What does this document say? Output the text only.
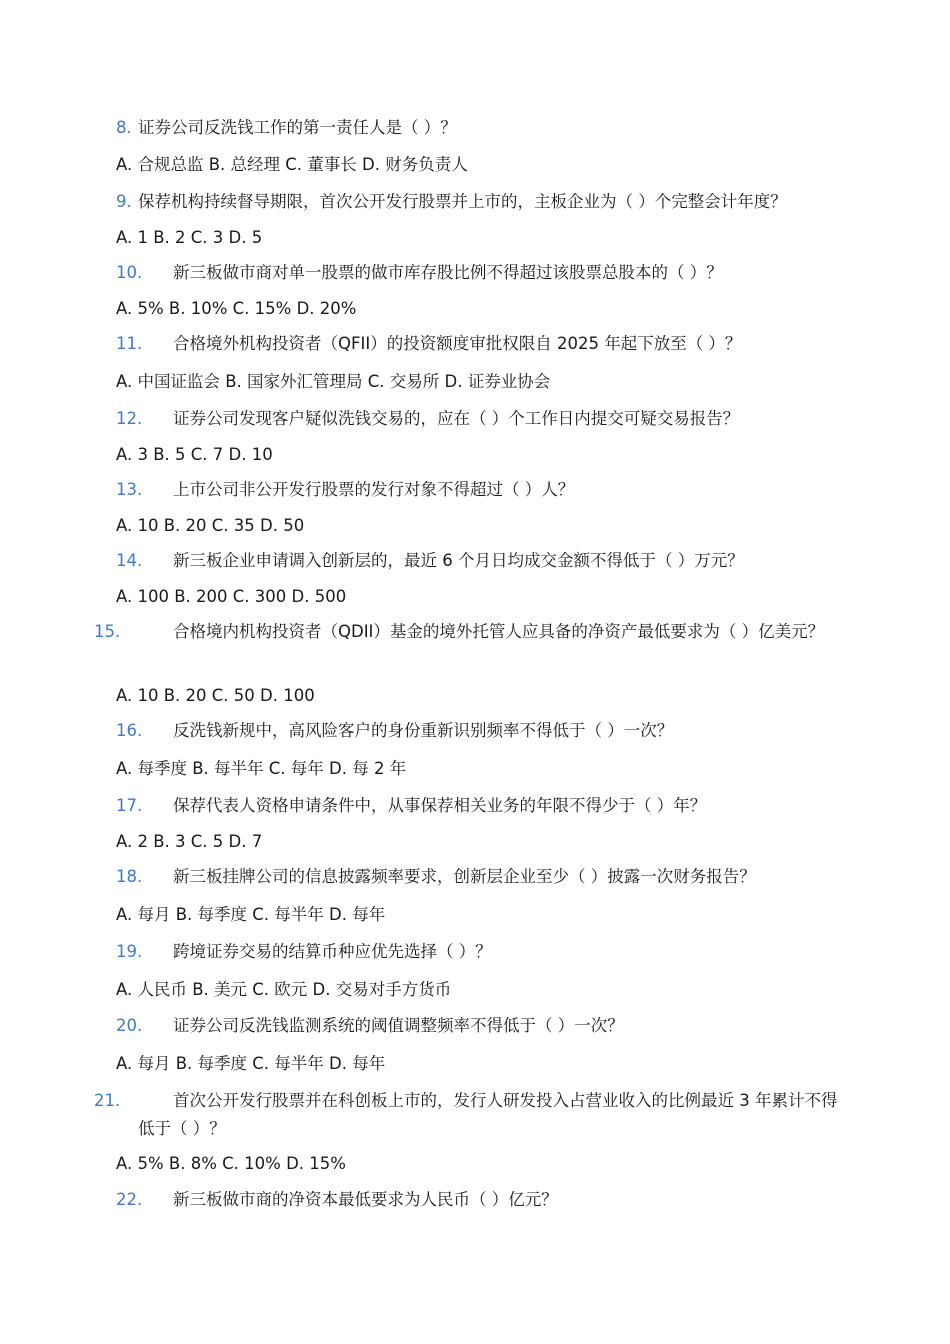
8. 证券公司反洗钱工作的第一责任人是（ ）？

A. 合规总监 B. 总经理 C. 董事长 D. 财务负责人

9. 保荐机构持续督导期限，首次公开发行股票并上市的，主板企业为（ ）个完整会计年度？

A. 1 B. 2 C. 3 D. 5

10. 新三板做市商对单一股票的做市库存股比例不得超过该股票总股本的（ ）？

A. 5% B. 10% C. 15% D. 20%

11. 合格境外机构投资者（QFII）的投资额度审批权限自 2025 年起下放至（ ）？

A. 中国证监会 B. 国家外汇管理局 C. 交易所 D. 证券业协会

12. 证券公司发现客户疑似洗钱交易的，应在（ ）个工作日内提交可疑交易报告？

A. 3 B. 5 C. 7 D. 10

13. 上市公司非公开发行股票的发行对象不得超过（ ）人？

A. 10 B. 20 C. 35 D. 50

14. 新三板企业申请调入创新层的，最近 6 个月日均成交金额不得低于（ ）万元？

A. 100 B. 200 C. 300 D. 500

15.	合格境内机构投资者（QDII）基金的境外托管人应具备的净资产最低要求为（ ）亿美元？

A. 10 B. 20 C. 50 D. 100

16. 反洗钱新规中，高风险客户的身份重新识别频率不得低于（ ）一次？

A. 每季度 B. 每半年 C. 每年 D. 每 2 年

17. 保荐代表人资格申请条件中，从事保荐相关业务的年限不得少于（ ）年？

A. 2 B. 3 C. 5 D. 7

18. 新三板挂牌公司的信息披露频率要求，创新层企业至少（ ）披露一次财务报告？

A. 每月 B. 每季度 C. 每半年 D. 每年

19. 跨境证券交易的结算币种应优先选择（ ）？

A. 人民币 B. 美元 C. 欧元 D. 交易对手方货币

20. 证券公司反洗钱监测系统的阈值调整频率不得低于（ ）一次？

A. 每月 B. 每季度 C. 每半年 D. 每年

21.	首次公开发行股票并在科创板上市的，发行人研发投入占营业收入的比例最近 3 年累计不得低于（ ）？

A. 5% B. 8% C. 10% D. 15%

22. 新三板做市商的净资本最低要求为人民币（ ）亿元？
